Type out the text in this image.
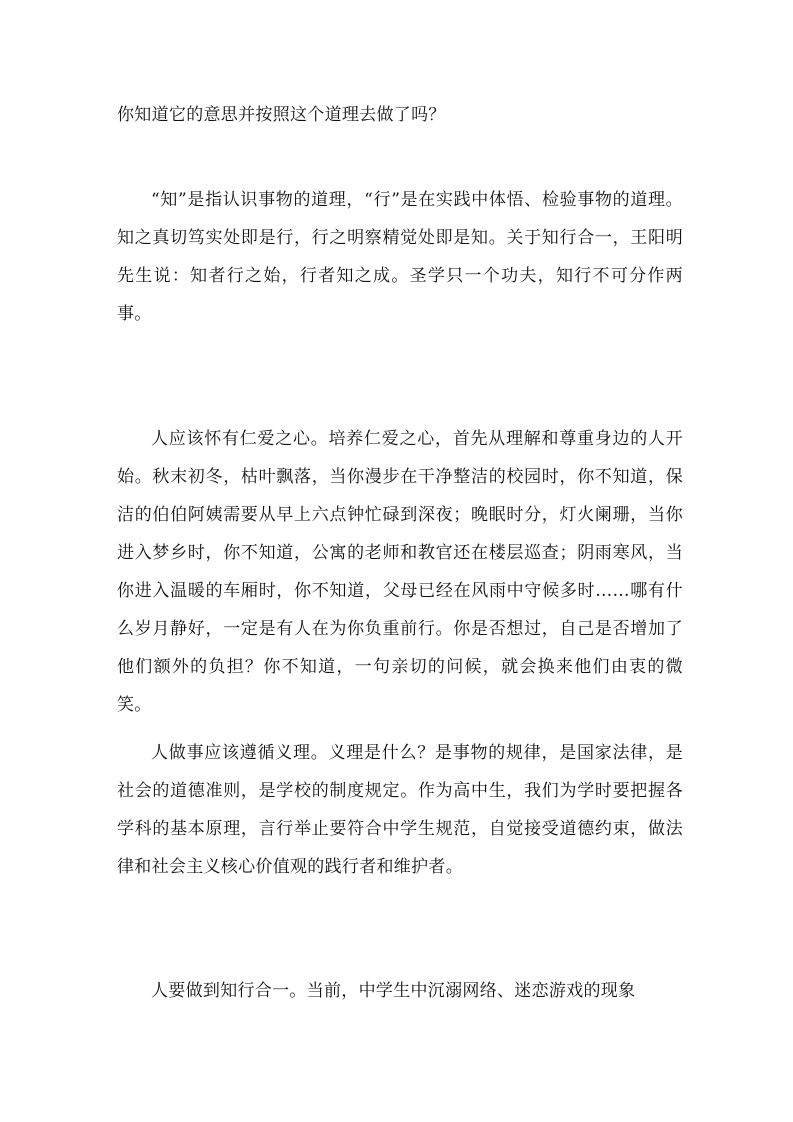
你知道它的意思并按照这个道理去做了吗？

“知”是指认识事物的道理，“行”是在实践中体悟、检验事物的道理。知之真切笃实处即是行，行之明察精觉处即是知。关于知行合一，王阳明先生说：知者行之始，行者知之成。圣学只一个功夫，知行不可分作两事。

人应该怀有仁爱之心。培养仁爱之心，首先从理解和尊重身边的人开始。秋末初冬，枯叶飘落，当你漫步在干净整洁的校园时，你不知道，保洁的伯伯阿姨需要从早上六点钟忙碌到深夜；晚眠时分，灯火阑珊，当你进入梦乡时，你不知道，公寓的老师和教官还在楼层巡查；阴雨寒风，当你进入温暖的车厢时，你不知道，父母已经在风雨中守候多时……哪有什么岁月静好，一定是有人在为你负重前行。你是否想过，自己是否增加了他们额外的负担？你不知道，一句亲切的问候，就会换来他们由衷的微笑。

人做事应该遵循义理。义理是什么？是事物的规律，是国家法律，是社会的道德准则，是学校的制度规定。作为高中生，我们为学时要把握各学科的基本原理，言行举止要符合中学生规范，自觉接受道德约束，做法律和社会主义核心价值观的践行者和维护者。

人要做到知行合一。当前，中学生中沉溺网络、迷恋游戏的现象
